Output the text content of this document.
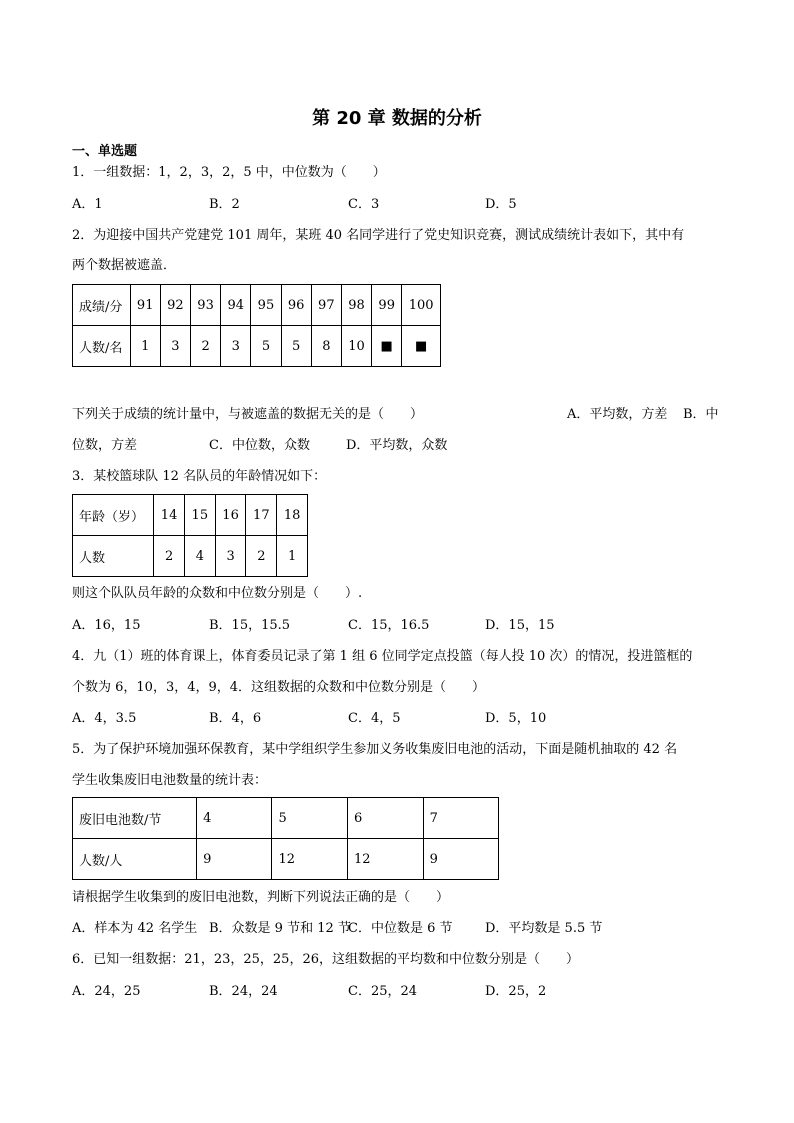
第 20 章 数据的分析
一、单选题
1．一组数据：1，2，3，2，5 中，中位数为（　　）
A．1	B．2	C．3	D．5
2．为迎接中国共产党建党 101 周年，某班 40 名同学进行了党史知识竞赛，测试成绩统计表如下，其中有
两个数据被遮盖．
成绩/分	91	92	93	94	95	96	97	98	99	100
人数/名	1	3	2	3	5	5	8	10	■	■
下列关于成绩的统计量中，与被遮盖的数据无关的是（　　）	A．平均数，方差 B．中
位数，方差	C．中位数，众数	D．平均数，众数
3．某校篮球队 12 名队员的年龄情况如下：
年龄（岁）	14	15	16	17	18
人数	2	4	3	2	1
则这个队队员年龄的众数和中位数分别是（　　）.
A．16，15	B．15，15.5	C．15，16.5	D．15，15
4．九（1）班的体育课上，体育委员记录了第 1 组 6 位同学定点投篮（每人投 10 次）的情况，投进篮框的
个数为 6，10，3，4，9，4．这组数据的众数和中位数分别是（　　）
A．4，3.5	B．4，6	C．4，5	D．5，10
5．为了保护环境加强环保教育，某中学组织学生参加义务收集废旧电池的活动，下面是随机抽取的 42 名
学生收集废旧电池数量的统计表：
废旧电池数/节	4	5	6	7
人数/人	9	12	12	9
请根据学生收集到的废旧电池数，判断下列说法正确的是（　　）
A．样本为 42 名学生 B．众数是 9 节和 12 节
C．中位数是 6 节	D．平均数是 5.5 节
6．已知一组数据：21，23，25，25，26，这组数据的平均数和中位数分别是（　　）
A．24，25	B．24，24	C．25，24	D．25，2
